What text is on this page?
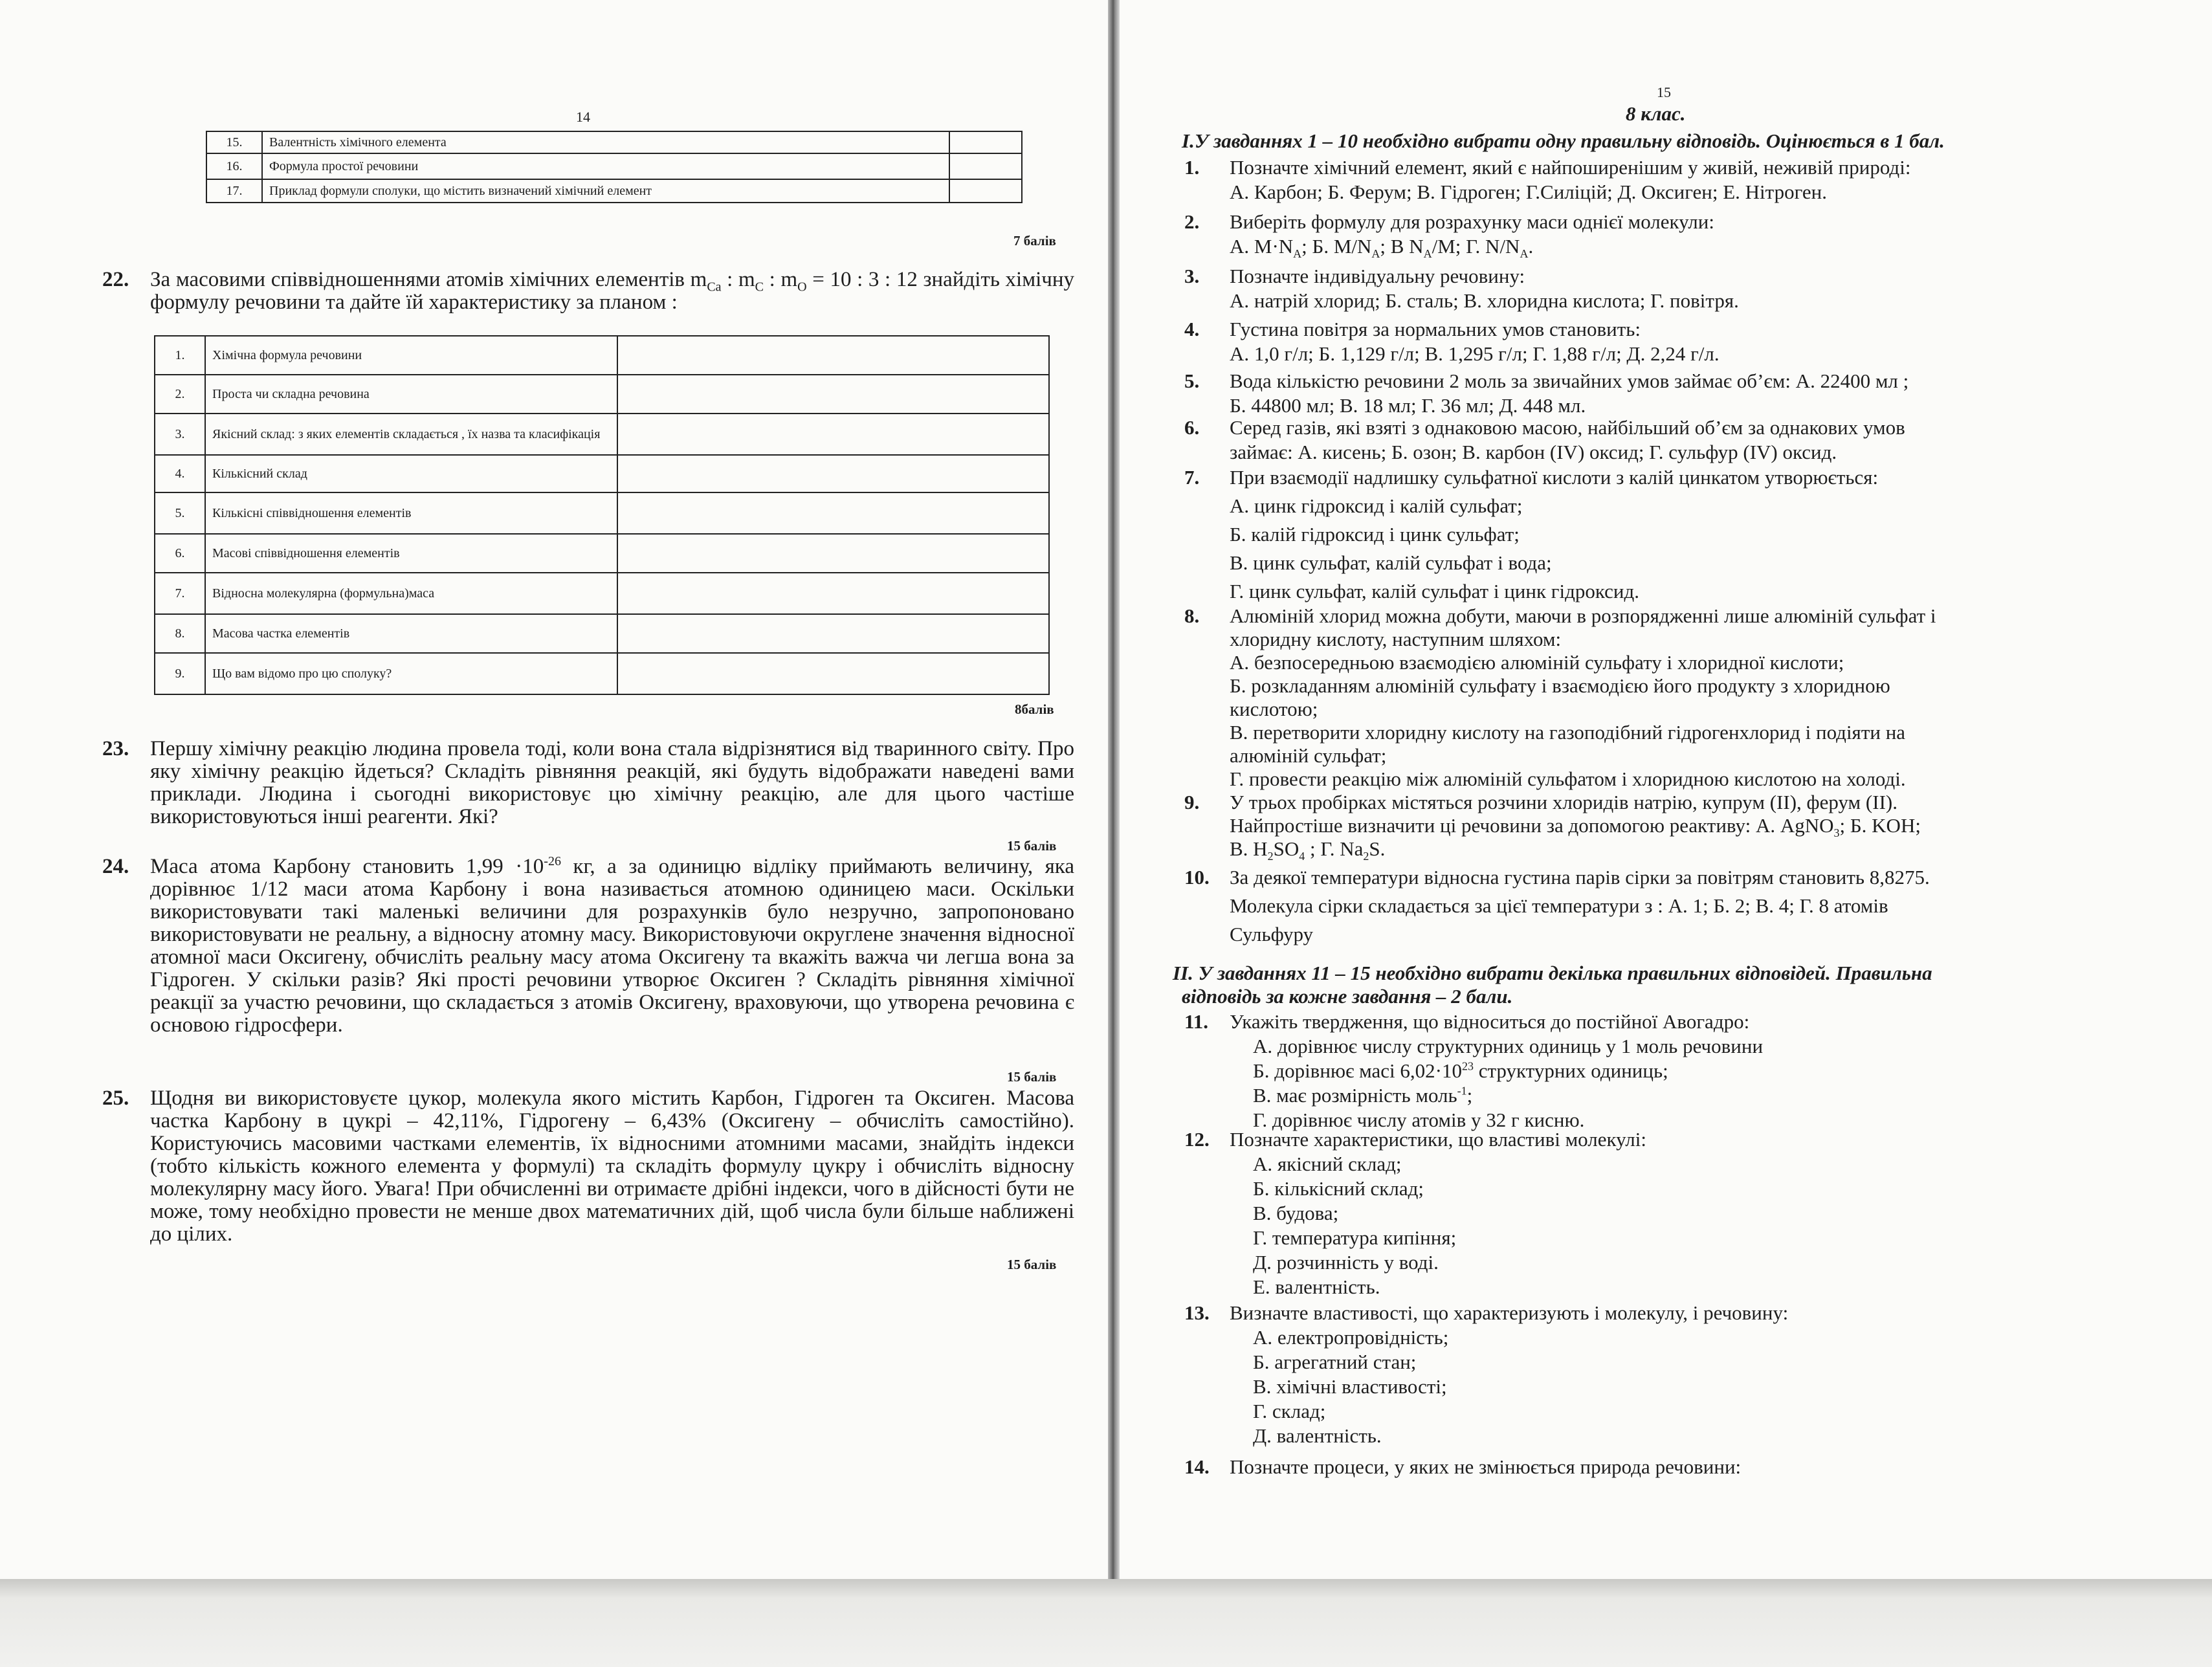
14
15.	Валентність хімічного елемента	
16.	Формула простої речовини	
17.	Приклад формули сполуки, що містить визначений хімічний елемент	
7 балів
22. За масовими співвідношеннями атомів хімічних елементів $m_{Ca}$ : $m_C$ : $m_O = 10$ : 3 : 12 знайдіть хімічну формулу речовини та дайте їй характеристику за планом :
1.	Хімічна формула речовини	
2.	Проста чи складна речовина	
3.	Якісний склад: з яких елементів складається , їх назва та класифікація	
4.	Кількісний склад	
5.	Кількісні співвідношення елементів	
6.	Масові співвідношення елементів	
7.	Відносна молекулярна (формульна)маса	
8.	Масова частка елементів	
9.	Що вам відомо про цю сполуку?	
8балів
23. Першу хімічну реакцію людина провела тоді, коли вона стала відрізнятися від тваринного світу. Про яку хімічну реакцію йдеться? Складіть рівняння реакцій, які будуть відображати наведені вами приклади. Людина і сьогодні використовує цю хімічну реакцію, але для цього частіше використовуються інші реагенти. Які?
15 балів
24. Маса атома Карбону становить $1,99 \cdot 10^{-26}$ кг, а за одиницю відліку приймають величину, яка дорівнює 1/12 маси атома Карбону і вона називається атомною одиницею маси. Оскільки використовувати такі маленькі величини для розрахунків було незручно, запропоновано використовувати не реальну, а відносну атомну масу. Використовуючи округлене значення відносної атомної маси Оксигену, обчисліть реальну масу атома Оксигену та вкажіть важча чи легша вона за Гідроген. У скільки разів? Які прості речовини утворює Оксиген ? Складіть рівняння хімічної реакції за участю речовини, що складається з атомів Оксигену, враховуючи, що утворена речовина є основою гідросфери.
15 балів
25. Щодня ви використовуєте цукор, молекула якого містить Карбон, Гідроген та Оксиген. Масова частка Карбону в цукрі – 42,11%, Гідрогену – 6,43% (Оксигену – обчисліть самостійно). Користуючись масовими частками елементів, їх відносними атомними масами, знайдіть індекси (тобто кількість кожного елемента у формулі) та складіть формулу цукру і обчисліть відносну молекулярну масу його. Увага! При обчисленні ви отримаєте дрібні індекси, чого в дійсності бути не може, тому необхідно провести не менше двох математичних дій, щоб числа були більше наближені до цілих.
15 балів
15
8 клас.
І.У завданнях 1 – 10 необхідно вибрати одну правильну відповідь. Оцінюється в 1 бал.
1. Позначте хімічний елемент, який є найпоширенішим у живій, неживій природі:
А. Карбон; Б. Ферум; В. Гідроген; Г.Силіцій; Д. Оксиген; Е. Нітроген.
2. Виберіть формулу для розрахунку маси однієї молекули:
А. $M\cdot N_A$; Б. $M/N_A$; В $N_A/M$; Г. $N/N_A$.
3. Позначте індивідуальну речовину:
А. натрій хлорид; Б. сталь; В. хлоридна кислота; Г. повітря.
4. Густина повітря за нормальних умов становить:
А. 1,0 г/л; Б. 1,129 г/л; В. 1,295 г/л; Г. 1,88 г/л; Д. 2,24 г/л.
5. Вода кількістю речовини 2 моль за звичайних умов займає об’єм: А. 22400 мл ;
Б. 44800 мл; В. 18 мл; Г. 36 мл; Д. 448 мл.
6. Серед газів, які взяті з однаковою масою, найбільший об’єм за однакових умов
займає: А. кисень; Б. озон; В. карбон (IV) оксид; Г. сульфур (IV) оксид.
7. При взаємодії надлишку сульфатної кислоти з калій цинкатом утворюється:
А. цинк гідроксид і калій сульфат;
Б. калій гідроксид і цинк сульфат;
В. цинк сульфат, калій сульфат і вода;
Г. цинк сульфат, калій сульфат і цинк гідроксид.
8. Алюміній хлорид можна добути, маючи в розпорядженні лише алюміній сульфат і
хлоридну кислоту, наступним шляхом:
А. безпосередньою взаємодією алюміній сульфату і хлоридної кислоти;
Б. розкладанням алюміній сульфату і взаємодією його продукту з хлоридною
кислотою;
В. перетворити хлоридну кислоту на газоподібний гідрогенхлорид і подіяти на
алюміній сульфат;
Г. провести реакцію між алюміній сульфатом і хлоридною кислотою на холоді.
9. У трьох пробірках містяться розчини хлоридів натрію, купрум (II), ферум (II).
Найпростіше визначити ці речовини за допомогою реактиву: А. AgNO$_3$; Б. KOH;
В. $H_2SO_4$ ; Г. $Na_2S$.
10. За деякої температури відносна густина парів сірки за повітрям становить 8,8275.
Молекула сірки складається за цієї температури з : А. 1; Б. 2; В. 4; Г. 8 атомів
Сульфуру
ІІ. У завданнях 11 – 15 необхідно вибрати декілька правильних відповідей. Правильна
відповідь за кожне завдання – 2 бали.
11. Укажіть твердження, що відноситься до постійної Авогадро:
А. дорівнює числу структурних одиниць у 1 моль речовини
Б. дорівнює масі $6,02\cdot 10^{23}$ структурних одиниць;
В. має розмірність моль$^{-1}$;
Г. дорівнює числу атомів у 32 г кисню.
12. Позначте характеристики, що властиві молекулі:
А. якісний склад;
Б. кількісний склад;
В. будова;
Г. температура кипіння;
Д. розчинність у воді.
Е. валентність.
13. Визначте властивості, що характеризують і молекулу, і речовину:
А. електропровідність;
Б. агрегатний стан;
В. хімічні властивості;
Г. склад;
Д. валентність.
14. Позначте процеси, у яких не змінюється природа речовини:
